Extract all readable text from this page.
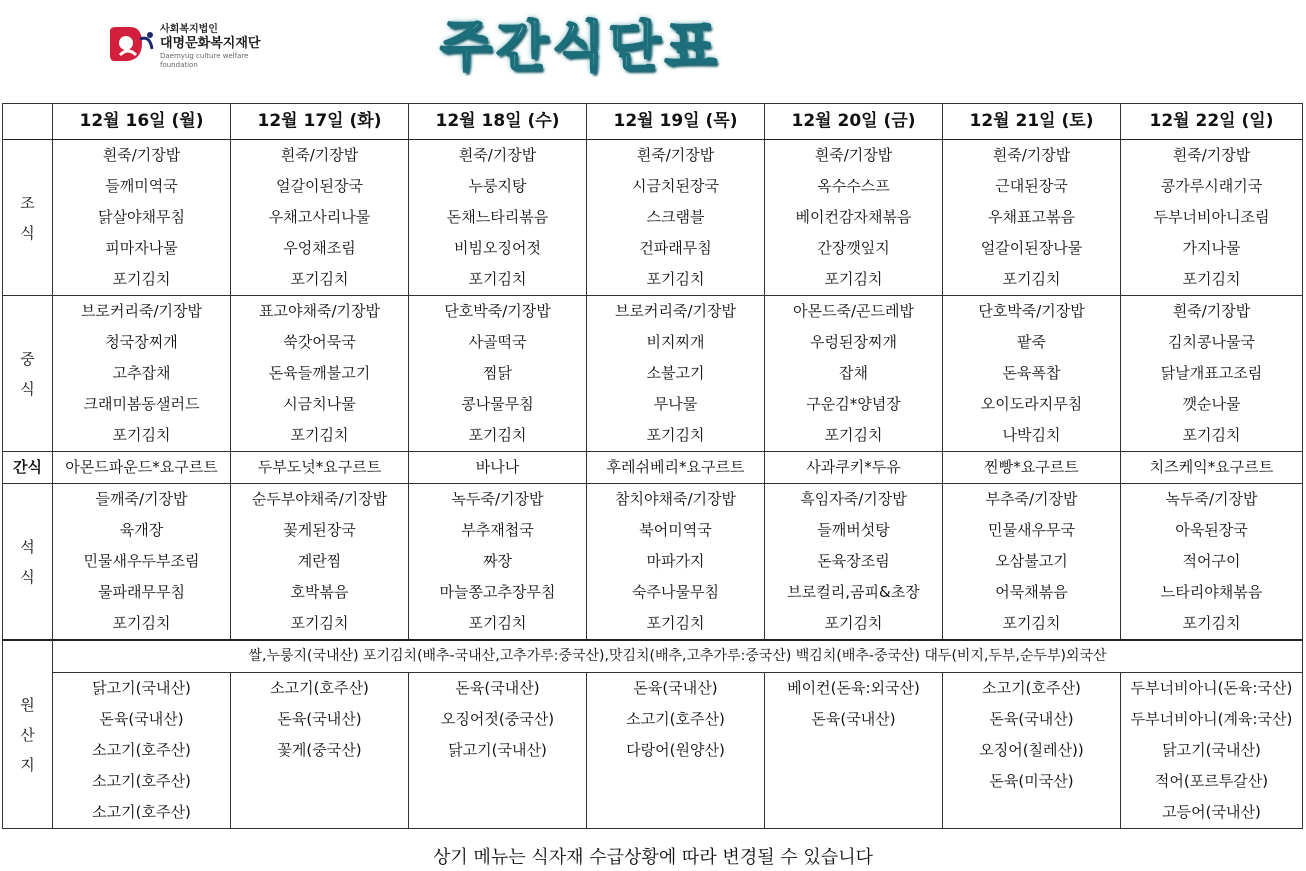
사회복지법인
대명문화복지재단
Daemyug culture welfare foundation	주간식단표
	12월 16일 (월)	12월 17일 (화)	12월 18일 (수)	12월 19일 (목)	12월 20일 (금)	12월 21일 (토)	12월 22일 (일)
조
식	흰죽/기장밥	흰죽/기장밥	흰죽/기장밥	흰죽/기장밥	흰죽/기장밥	흰죽/기장밥	흰죽/기장밥
	들깨미역국	얼갈이된장국	누룽지탕	시금치된장국	옥수수스프	근대된장국	콩가루시래기국
	닭살야채무침	우채고사리나물	돈채느타리볶음	스크램블	베이컨감자채볶음	우채표고볶음	두부너비아니조림
	피마자나물	우엉채조림	비빔오징어젓	건파래무침	간장깻잎지	얼갈이된장나물	가지나물
	포기김치	포기김치	포기김치	포기김치	포기김치	포기김치	포기김치
중
식	브로커리죽/기장밥	표고야채죽/기장밥	단호박죽/기장밥	브로커리죽/기장밥	아몬드죽/곤드레밥	단호박죽/기장밥	흰죽/기장밥
	청국장찌개	쑥갓어묵국	사골떡국	비지찌개	우렁된장찌개	팥죽	김치콩나물국
	고추잡채	돈육들깨불고기	찜닭	소불고기	잡채	돈육폭찹	닭날개표고조림
	크래미봄동샐러드	시금치나물	콩나물무침	무나물	구운김*양념장	오이도라지무침	깻순나물
	포기김치	포기김치	포기김치	포기김치	포기김치	나박김치	포기김치
간식	아몬드파운드*요구르트	두부도넛*요구르트	바나나	후레쉬베리*요구르트	사과쿠키*두유	찐빵*요구르트	치즈케익*요구르트
석
식	들깨죽/기장밥	순두부야채죽/기장밥	녹두죽/기장밥	참치야채죽/기장밥	흑임자죽/기장밥	부추죽/기장밥	녹두죽/기장밥
	육개장	꽃게된장국	부추재첩국	북어미역국	들깨버섯탕	민물새우무국	아욱된장국
	민물새우두부조림	계란찜	짜장	마파가지	돈육장조림	오삼불고기	적어구이
	물파래무무침	호박볶음	마늘쫑고추장무침	숙주나물무침	브로컬리,곰피&초장	어묵채볶음	느타리야채볶음
	포기김치	포기김치	포기김치	포기김치	포기김치	포기김치	포기김치
원
산
지	쌀,누룽지(국내산) 포기김치(배추-국내산,고추가루:중국산),맛김치(배추,고추가루:중국산) 백김치(배추-중국산) 대두(비지,두부,순두부)외국산						
	닭고기(국내산)	소고기(호주산)	돈육(국내산)	돈육(국내산)	베이컨(돈육:외국산)	소고기(호주산)	두부너비아니(돈육:국산)
	돈육(국내산)	돈육(국내산)	오징어젓(중국산)	소고기(호주산)	돈육(국내산)	돈육(국내산)	두부너비아니(계육:국산)
	소고기(호주산)	꽃게(중국산)	닭고기(국내산)	다랑어(원양산)		오징어(칠레산))	닭고기(국내산)
	소고기(호주산)					돈육(미국산)	적어(포르투갈산)
	소고기(호주산)						고등어(국내산)
상기 메뉴는 식자재 수급상황에 따라 변경될 수 있습니다
